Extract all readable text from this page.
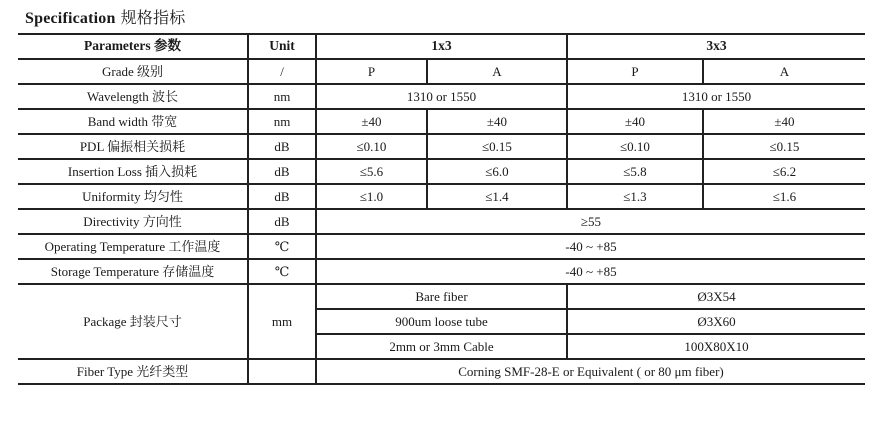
Specification 规格指标
Parameters 参数	Unit	1x3		3x3	
Grade 级别	/	P	A	P	A
Wavelength 波长	nm	1310 or 1550		1310 or 1550	
Band width 带宽	nm	±40	±40	±40	±40
PDL 偏振相关损耗	dB	≤0.10	≤0.15	≤0.10	≤0.15
Insertion Loss 插入损耗	dB	≤5.6	≤6.0	≤5.8	≤6.2
Uniformity 均匀性	dB	≤1.0	≤1.4	≤1.3	≤1.6
Directivity 方向性	dB	≥55			
Operating Temperature 工作温度	℃	-40 ~ +85			
Storage Temperature 存储温度	℃	-40 ~ +85			
Package 封装尺寸	mm	Bare fiber		Ø3X54	
		900um loose tube		Ø3X60	
		2mm or 3mm Cable		100X80X10	
Fiber Type 光纤类型		Corning SMF-28-E or Equivalent ( or 80 μm fiber)			
